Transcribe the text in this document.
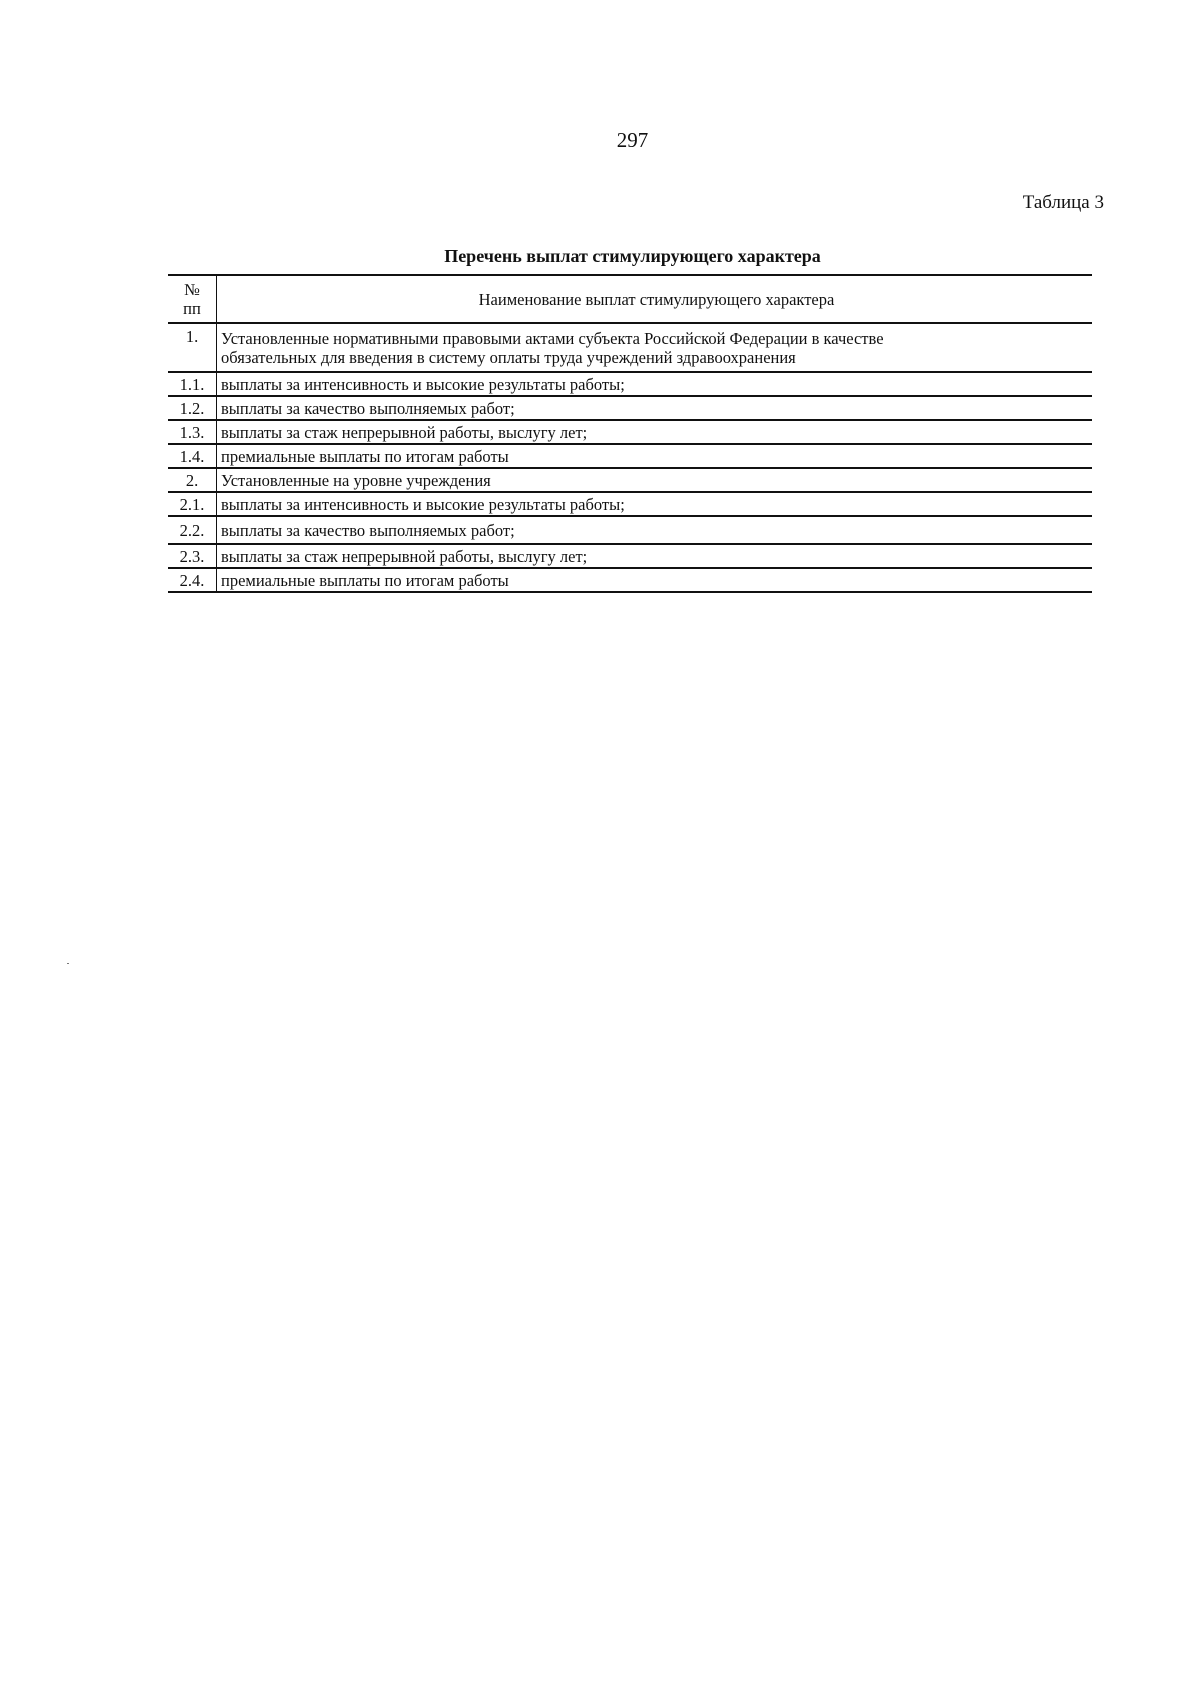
297
Таблица 3
Перечень выплат стимулирующего характера
№
пп	Наименование выплат стимулирующего характера
1.	Установленные нормативными правовыми актами субъекта Российской Федерации в качестве обязательных для введения в систему оплаты труда учреждений здравоохранения
1.1.	выплаты за интенсивность и высокие результаты работы;
1.2.	выплаты за качество выполняемых работ;
1.3.	выплаты за стаж непрерывной работы, выслугу лет;
1.4.	премиальные выплаты по итогам работы
2.	Установленные на уровне учреждения
2.1.	выплаты за интенсивность и высокие результаты работы;
2.2.	выплаты за качество выполняемых работ;
2.3.	выплаты за стаж непрерывной работы, выслугу лет;
2.4.	премиальные выплаты по итогам работы
